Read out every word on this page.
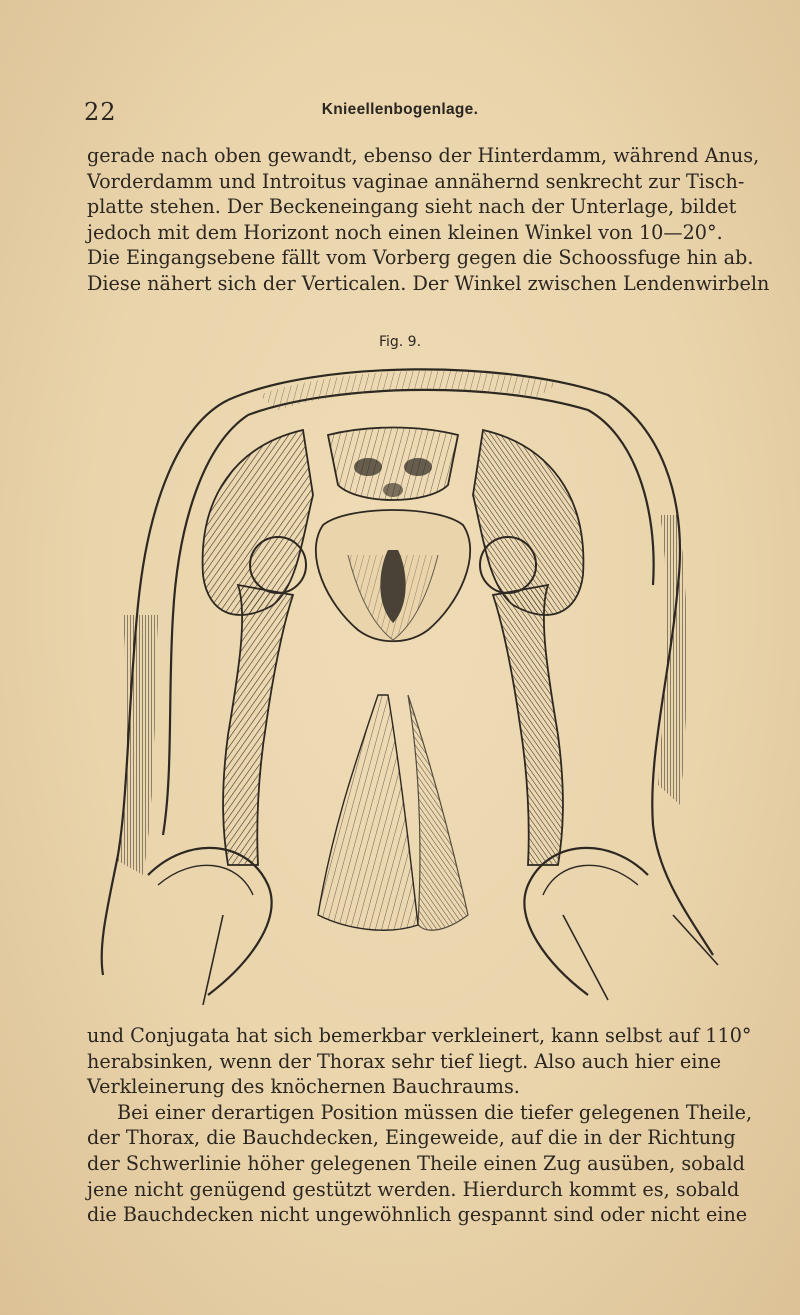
22	Knieellenbogenlage.
gerade nach oben gewandt, ebenso der Hinterdamm, während Anus,
Vorderdamm und Introitus vaginae annähernd senkrecht zur Tisch-
platte stehen. Der Beckeneingang sieht nach der Unterlage, bildet
jedoch mit dem Horizont noch einen kleinen Winkel von 10—20°.
Die Eingangsebene fällt vom Vorberg gegen die Schoossfuge hin ab.
Diese nähert sich der Verticalen. Der Winkel zwischen Lendenwirbeln
Fig. 9.
und Conjugata hat sich bemerkbar verkleinert, kann selbst auf 110°
herabsinken, wenn der Thorax sehr tief liegt. Also auch hier eine
Verkleinerung des knöchernen Bauchraums.
Bei einer derartigen Position müssen die tiefer gelegenen Theile,
der Thorax, die Bauchdecken, Eingeweide, auf die in der Richtung
der Schwerlinie höher gelegenen Theile einen Zug ausüben, sobald
jene nicht genügend gestützt werden. Hierdurch kommt es, sobald
die Bauchdecken nicht ungewöhnlich gespannt sind oder nicht eine
